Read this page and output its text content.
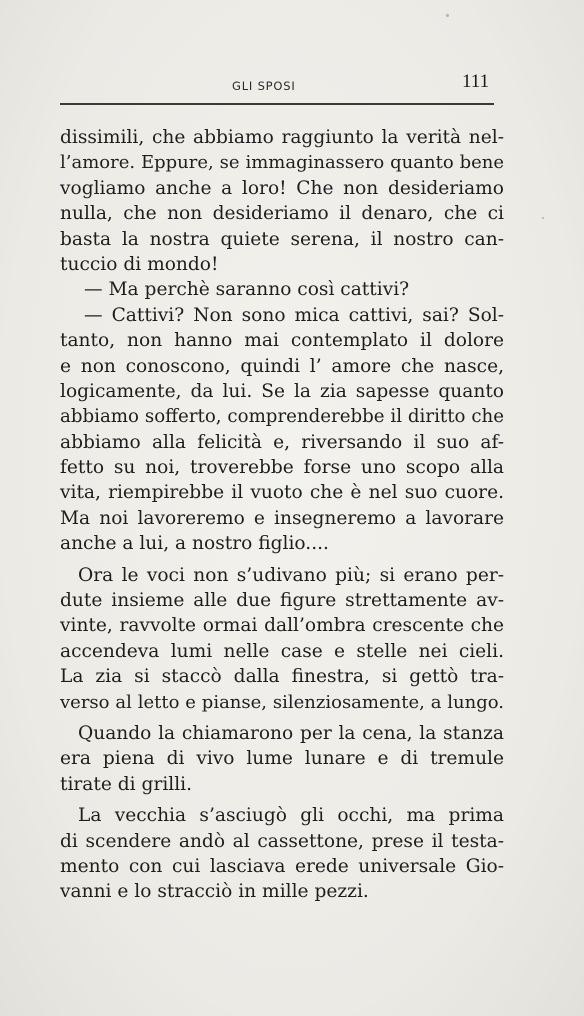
GLI SPOSI	111
dissimili, che abbiamo raggiunto la verità nel-
l’amore. Eppure, se immaginassero quanto bene
vogliamo anche a loro! Che non desideriamo
nulla, che non desideriamo il denaro, che ci
basta la nostra quiete serena, il nostro can-
tuccio di mondo!
— Ma perchè saranno così cattivi?
— Cattivi? Non sono mica cattivi, sai? Sol-
tanto, non hanno mai contemplato il dolore
e non conoscono, quindi l’ amore che nasce,
logicamente, da lui. Se la zia sapesse quanto
abbiamo sofferto, comprenderebbe il diritto che
abbiamo alla felicità e, riversando il suo af-
fetto su noi, troverebbe forse uno scopo alla
vita, riempirebbe il vuoto che è nel suo cuore.
Ma noi lavoreremo e insegneremo a lavorare
anche a lui, a nostro figlio....
Ora le voci non s’udivano più; si erano per-
dute insieme alle due figure strettamente av-
vinte, ravvolte ormai dall’ombra crescente che
accendeva lumi nelle case e stelle nei cieli.
La zia si staccò dalla finestra, si gettò tra-
verso al letto e pianse, silenziosamente, a lungo.
Quando la chiamarono per la cena, la stanza
era piena di vivo lume lunare e di tremule
tirate di grilli.
La vecchia s’asciugò gli occhi, ma prima
di scendere andò al cassettone, prese il testa-
mento con cui lasciava erede universale Gio-
vanni e lo stracciò in mille pezzi.
